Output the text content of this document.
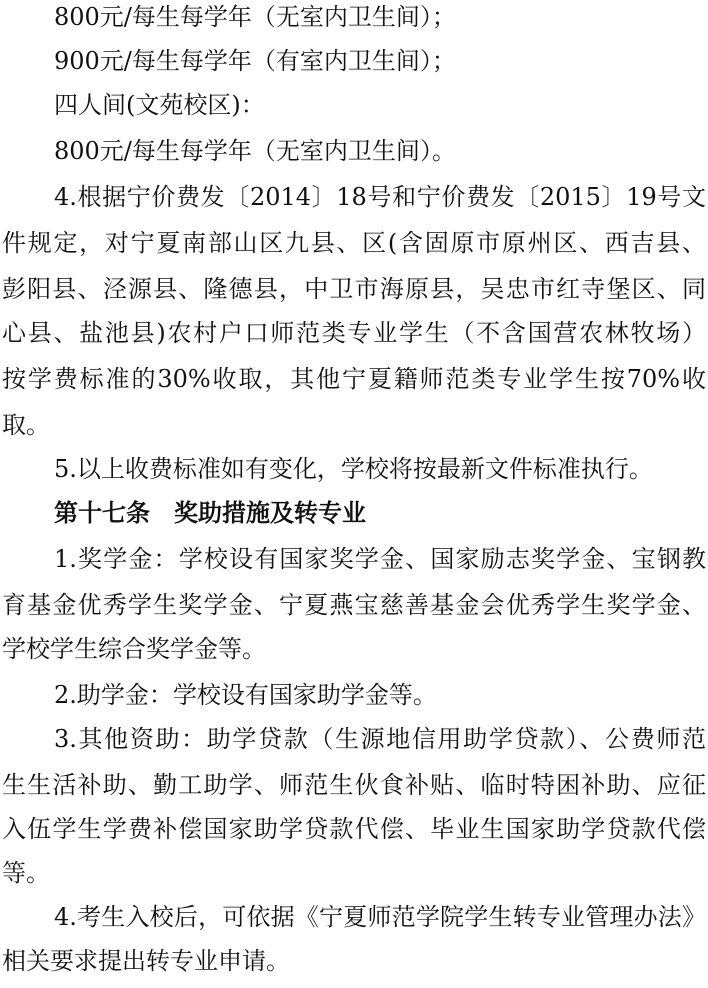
800元/每生每学年（无室内卫生间）；
900元/每生每学年（有室内卫生间）；
四人间(文苑校区)：
800元/每生每学年（无室内卫生间）。
4.根据宁价费发〔2014〕18号和宁价费发〔2015〕19号文
件规定，对宁夏南部山区九县、区(含固原市原州区、西吉县、
彭阳县、泾源县、隆德县，中卫市海原县，吴忠市红寺堡区、同
心县、盐池县)农村户口师范类专业学生（不含国营农林牧场）
按学费标准的30%收取，其他宁夏籍师范类专业学生按70%收
取。
5.以上收费标准如有变化，学校将按最新文件标准执行。
第十七条　奖助措施及转专业
1.奖学金：学校设有国家奖学金、国家励志奖学金、宝钢教
育基金优秀学生奖学金、宁夏燕宝慈善基金会优秀学生奖学金、
学校学生综合奖学金等。
2.助学金：学校设有国家助学金等。
3.其他资助：助学贷款（生源地信用助学贷款）、公费师范
生生活补助、勤工助学、师范生伙食补贴、临时特困补助、应征
入伍学生学费补偿国家助学贷款代偿、毕业生国家助学贷款代偿
等。
4.考生入校后，可依据《宁夏师范学院学生转专业管理办法》
相关要求提出转专业申请。
